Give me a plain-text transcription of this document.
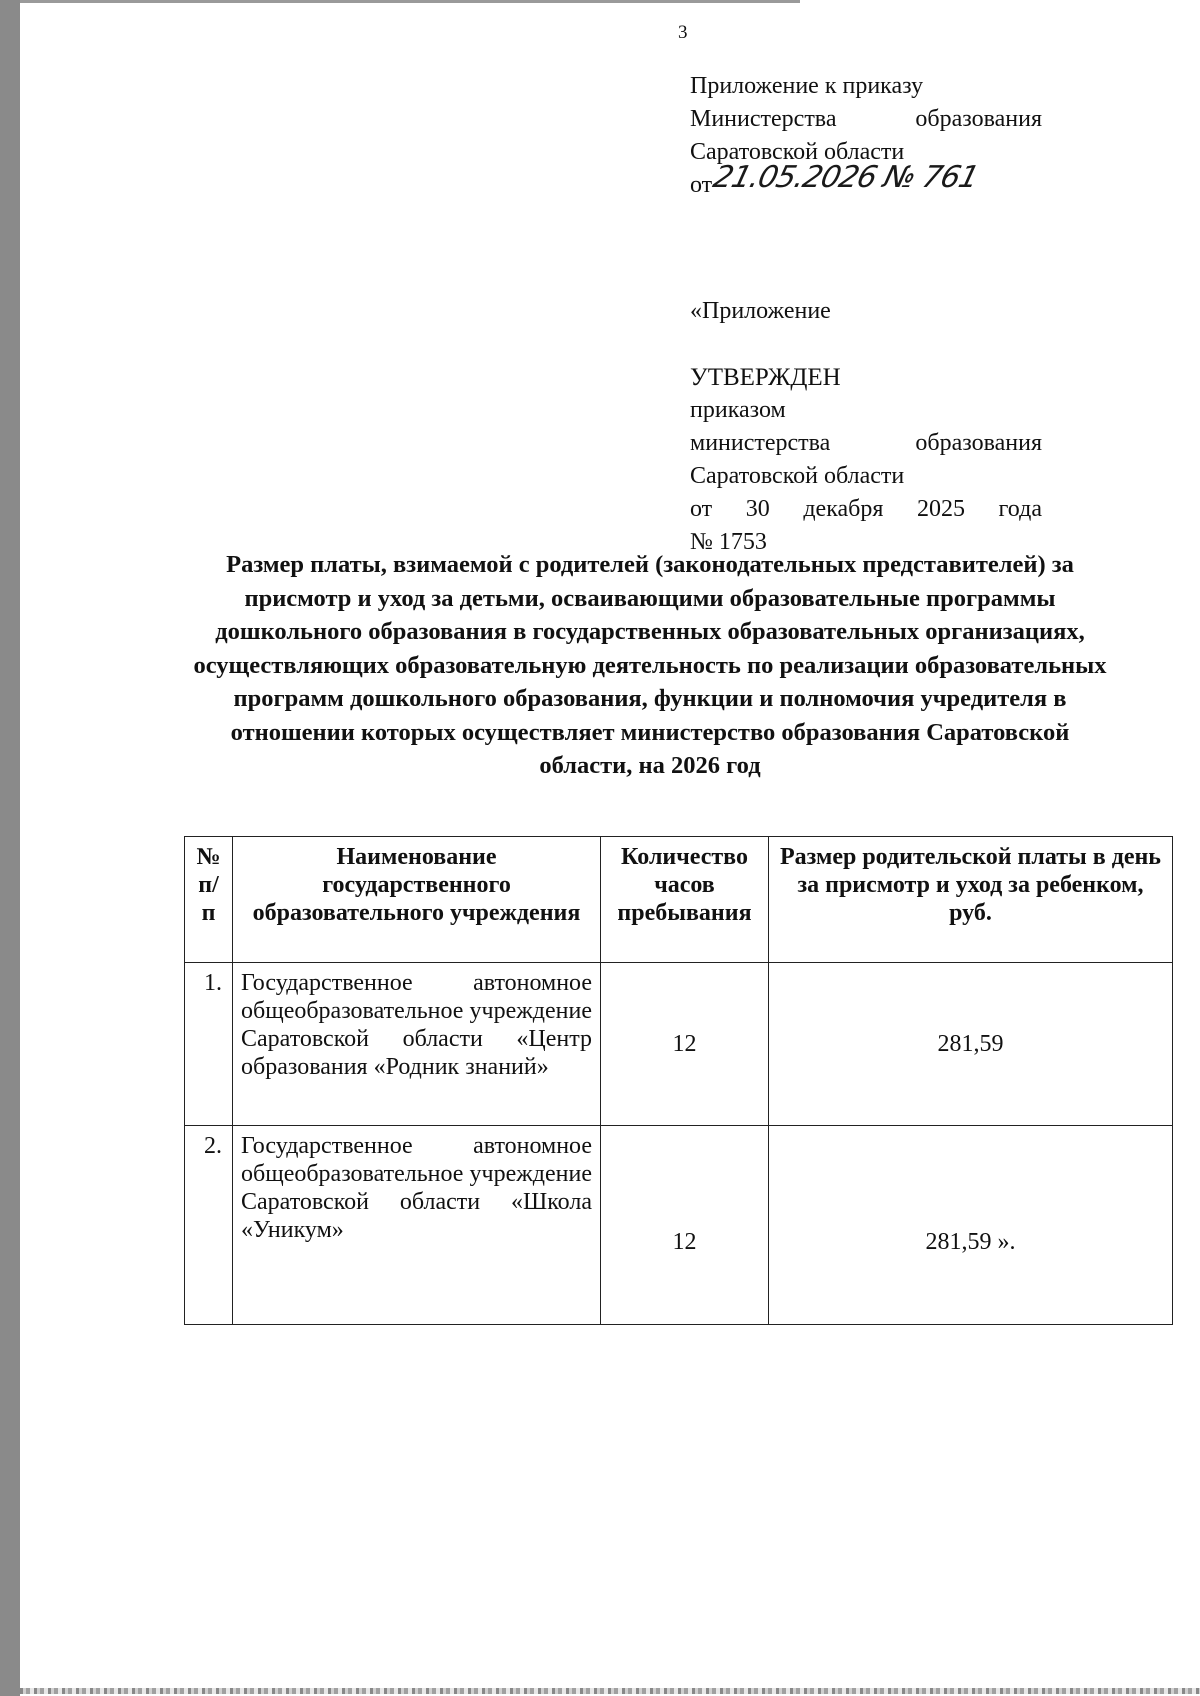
3
Приложение к приказу
Министерства	образования
Саратовской области
от
21.05.2026 № 761
«Приложение
УТВЕРЖДЕН
приказом
министерства	образования
Саратовской области
от 30 декабря 2025 года
№ 1753
Размер платы, взимаемой с родителей (законодательных представителей) за присмотр и уход за детьми, осваивающими образовательные программы дошкольного образования в государственных образовательных организациях, осуществляющих образовательную деятельность по реализации образовательных программ дошкольного образования, функции и полномочия учредителя в отношении которых осуществляет министерство образования Саратовской области, на 2026 год
№ п/п	Наименование государственного образовательного учреждения	Количество часов пребывания	Размер родительской платы в день за присмотр и уход за ребенком, руб.
1.	Государственное автономное общеобразовательное учреждение Саратовской области «Центр образования «Родник знаний»	12	281,59
2.	Государственное автономное общеобразовательное учреждение Саратовской области «Школа «Уникум»	12	281,59 ».
